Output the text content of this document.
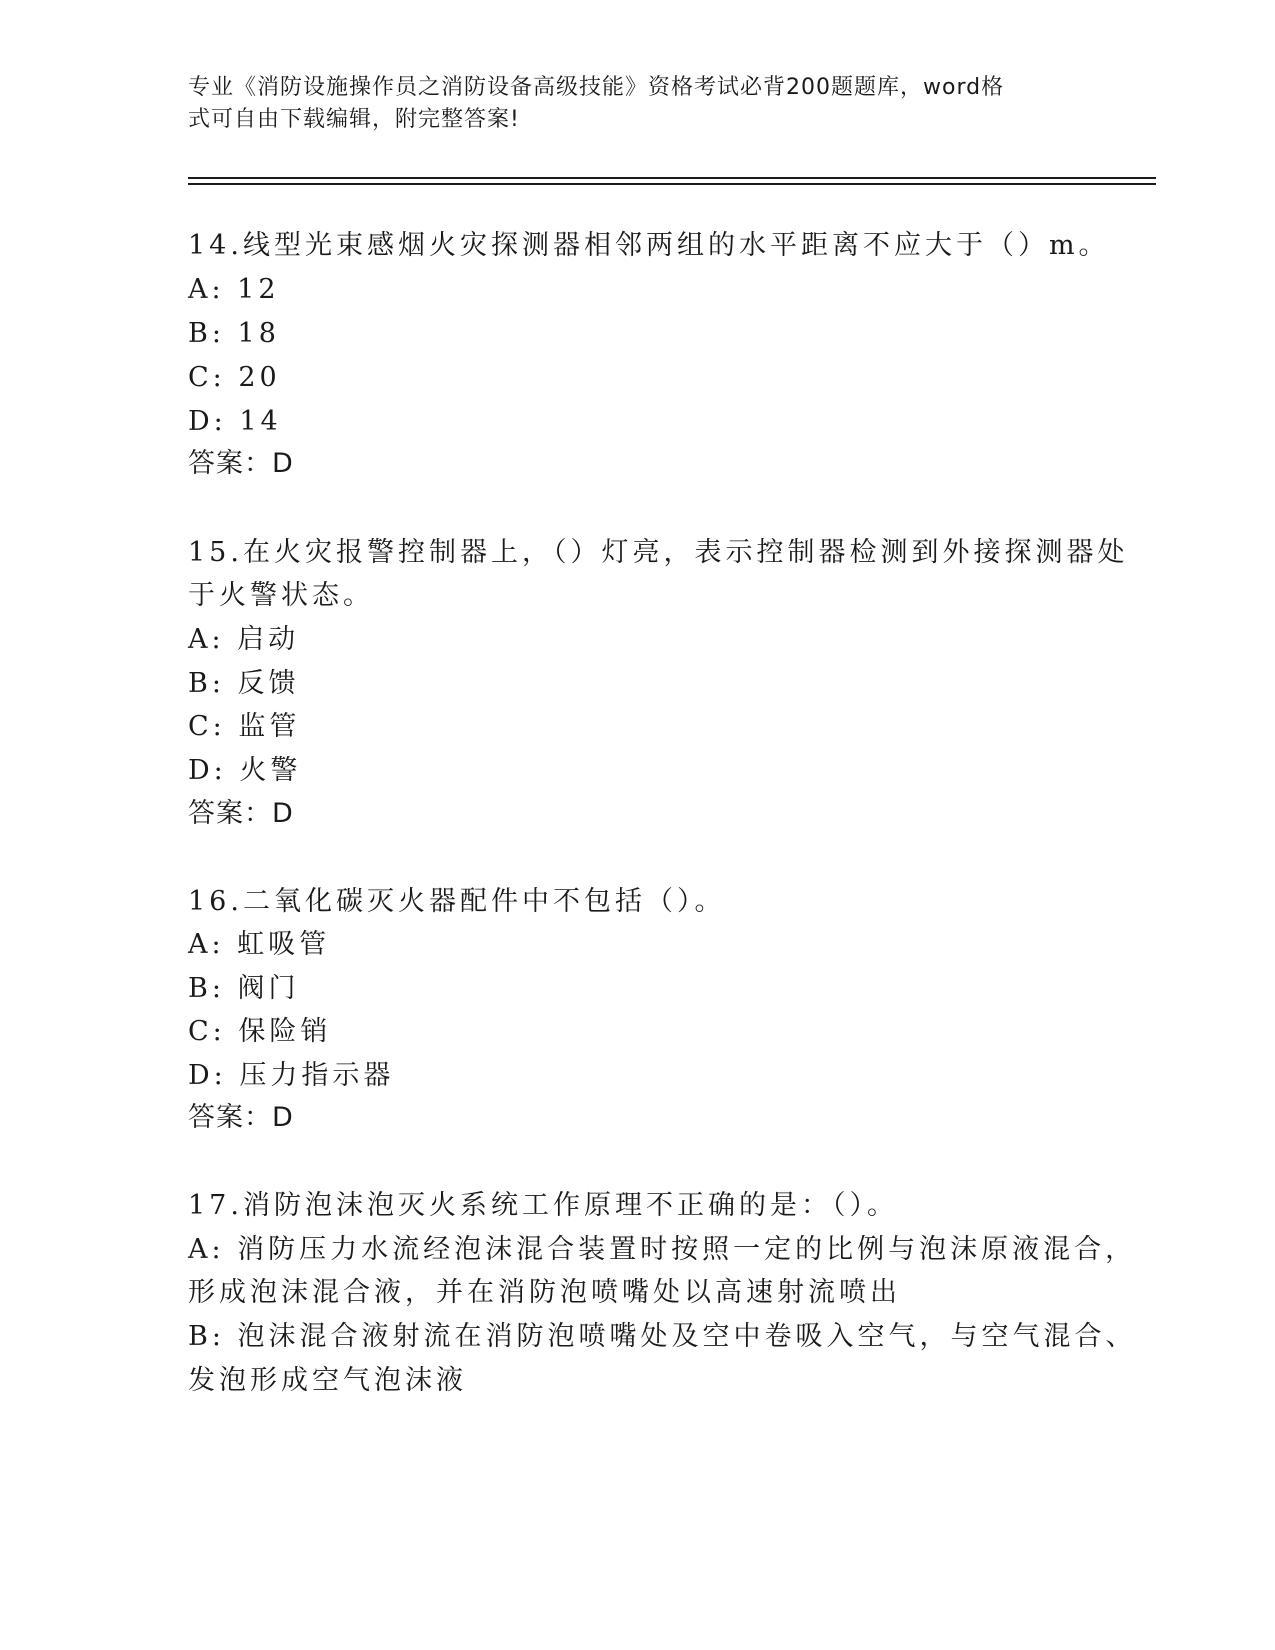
专业《消防设施操作员之消防设备高级技能》资格考试必背200题题库，word格
式可自由下载编辑，附完整答案!
14.线型光束感烟火灾探测器相邻两组的水平距离不应大于（）m。
A: 12
B: 18
C: 20
D: 14
答案：D
15.在火灾报警控制器上，（）灯亮，表示控制器检测到外接探测器处
于火警状态。
A: 启动
B: 反馈
C: 监管
D: 火警
答案：D
16.二氧化碳灭火器配件中不包括（）。
A: 虹吸管
B: 阀门
C: 保险销
D: 压力指示器
答案：D
17.消防泡沫泡灭火系统工作原理不正确的是：（）。
A: 消防压力水流经泡沫混合装置时按照一定的比例与泡沫原液混合，
形成泡沫混合液，并在消防泡喷嘴处以高速射流喷出
B: 泡沫混合液射流在消防泡喷嘴处及空中卷吸入空气，与空气混合、
发泡形成空气泡沫液
